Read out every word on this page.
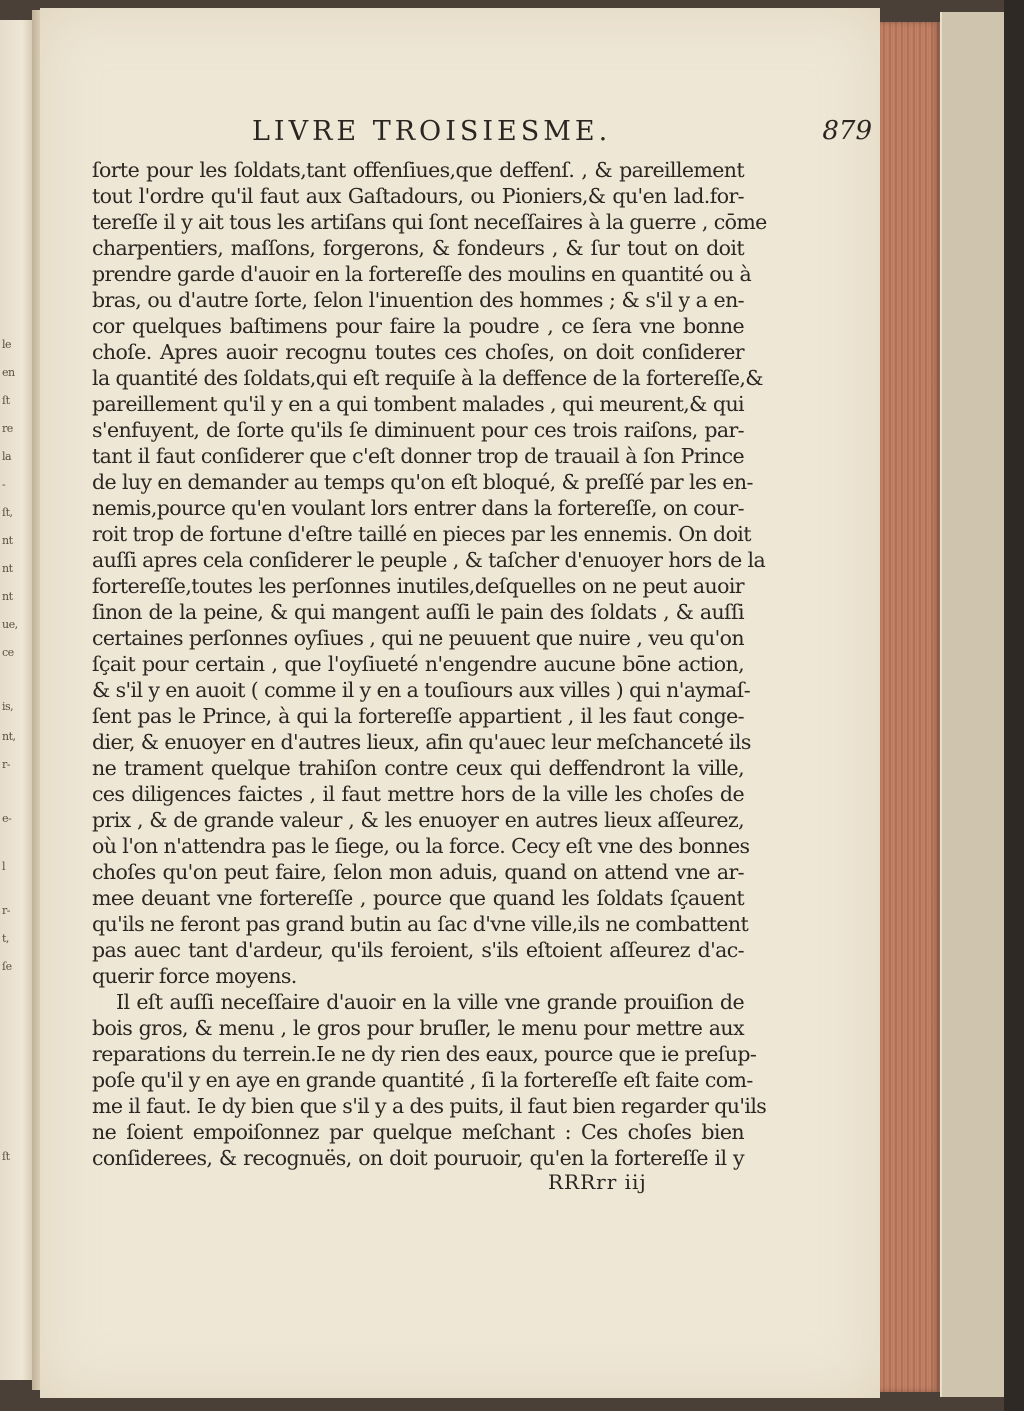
le
en
ſt
re
la
-
ſt,
nt
nt
nt
ue,
ce
is,
nt,
r-
e-
l
r-
t,
ſe
ſt
LIVRE TROISIESME.	879
ſorte pour les ſoldats,tant offenſiues,que deffenſ. , & pareillement
tout l'ordre qu'il faut aux Gaſtadours, ou Pioniers,& qu'en lad.for-
tereſſe il y ait tous les artiſans qui ſont neceſſaires à la guerre , cōme
charpentiers, maſſons, forgerons, & fondeurs , & ſur tout on doit
prendre garde d'auoir en la fortereſſe des moulins en quantité ou à
bras, ou d'autre ſorte, ſelon l'inuention des hommes ; & s'il y a en-
cor quelques baſtimens pour faire la poudre , ce ſera vne bonne
choſe. Apres auoir recognu toutes ces choſes, on doit conſiderer
la quantité des ſoldats,qui eſt requiſe à la deffence de la fortereſſe,&
pareillement qu'il y en a qui tombent malades , qui meurent,& qui
s'enfuyent, de ſorte qu'ils ſe diminuent pour ces trois raiſons, par-
tant il faut conſiderer que c'eſt donner trop de trauail à ſon Prince
de luy en demander au temps qu'on eſt bloqué, & preſſé par les en-
nemis,pource qu'en voulant lors entrer dans la fortereſſe, on cour-
roit trop de fortune d'eſtre taillé en pieces par les ennemis. On doit
auſſi apres cela conſiderer le peuple , & taſcher d'enuoyer hors de la
fortereſſe,toutes les perſonnes inutiles,deſquelles on ne peut auoir
ſinon de la peine, & qui mangent auſſi le pain des ſoldats , & auſſi
certaines perſonnes oyſiues , qui ne peuuent que nuire , veu qu'on
ſçait pour certain , que l'oyſiueté n'engendre aucune bōne action,
& s'il y en auoit ( comme il y en a touſiours aux villes ) qui n'aymaſ-
ſent pas le Prince, à qui la fortereſſe appartient , il les faut conge-
dier, & enuoyer en d'autres lieux, afin qu'auec leur meſchanceté ils
ne trament quelque trahiſon contre ceux qui deffendront la ville,
ces diligences faictes , il faut mettre hors de la ville les choſes de
prix , & de grande valeur , & les enuoyer en autres lieux aſſeurez,
où l'on n'attendra pas le ſiege, ou la force. Cecy eſt vne des bonnes
choſes qu'on peut faire, ſelon mon aduis, quand on attend vne ar-
mee deuant vne fortereſſe , pource que quand les ſoldats ſçauent
qu'ils ne feront pas grand butin au ſac d'vne ville,ils ne combattent
pas auec tant d'ardeur, qu'ils feroient, s'ils eſtoient aſſeurez d'ac-
querir force moyens.
Il eſt auſſi neceſſaire d'auoir en la ville vne grande prouiſion de
bois gros, & menu , le gros pour bruſler, le menu pour mettre aux
reparations du terrein.Ie ne dy rien des eaux, pource que ie preſup-
poſe qu'il y en aye en grande quantité , ſi la fortereſſe eſt faite com-
me il faut. Ie dy bien que s'il y a des puits, il faut bien regarder qu'ils
ne ſoient empoiſonnez par quelque meſchant : Ces choſes bien
conſiderees, & recognuës, on doit pouruoir, qu'en la fortereſſe il y
RRRrr iij
